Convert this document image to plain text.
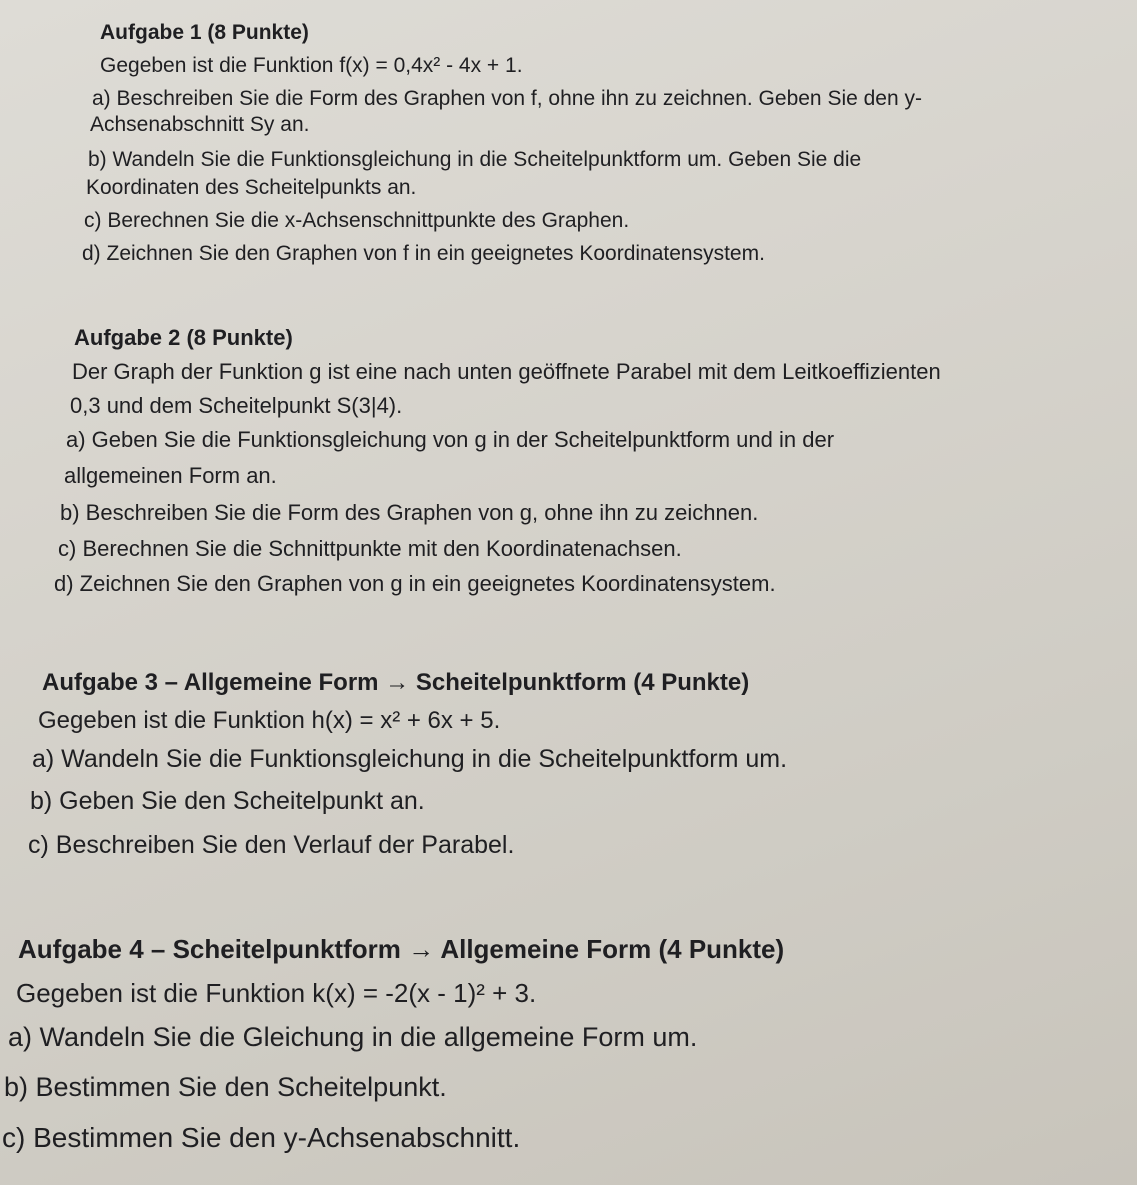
Aufgabe 1 (8 Punkte)
Gegeben ist die Funktion f(x) = 0,4x² - 4x + 1.
a) Beschreiben Sie die Form des Graphen von f, ohne ihn zu zeichnen. Geben Sie den y-
Achsenabschnitt Sy an.
b) Wandeln Sie die Funktionsgleichung in die Scheitelpunktform um. Geben Sie die
Koordinaten des Scheitelpunkts an.
c) Berechnen Sie die x-Achsenschnittpunkte des Graphen.
d) Zeichnen Sie den Graphen von f in ein geeignetes Koordinatensystem.
Aufgabe 2 (8 Punkte)
Der Graph der Funktion g ist eine nach unten geöffnete Parabel mit dem Leitkoeffizienten
0,3 und dem Scheitelpunkt S(3|4).
a) Geben Sie die Funktionsgleichung von g in der Scheitelpunktform und in der
allgemeinen Form an.
b) Beschreiben Sie die Form des Graphen von g, ohne ihn zu zeichnen.
c) Berechnen Sie die Schnittpunkte mit den Koordinatenachsen.
d) Zeichnen Sie den Graphen von g in ein geeignetes Koordinatensystem.
Aufgabe 3 – Allgemeine Form → Scheitelpunktform (4 Punkte)
Gegeben ist die Funktion h(x) = x² + 6x + 5.
a) Wandeln Sie die Funktionsgleichung in die Scheitelpunktform um.
b) Geben Sie den Scheitelpunkt an.
c) Beschreiben Sie den Verlauf der Parabel.
Aufgabe 4 – Scheitelpunktform → Allgemeine Form (4 Punkte)
Gegeben ist die Funktion k(x) = -2(x - 1)² + 3.
a) Wandeln Sie die Gleichung in die allgemeine Form um.
b) Bestimmen Sie den Scheitelpunkt.
c) Bestimmen Sie den y-Achsenabschnitt.
